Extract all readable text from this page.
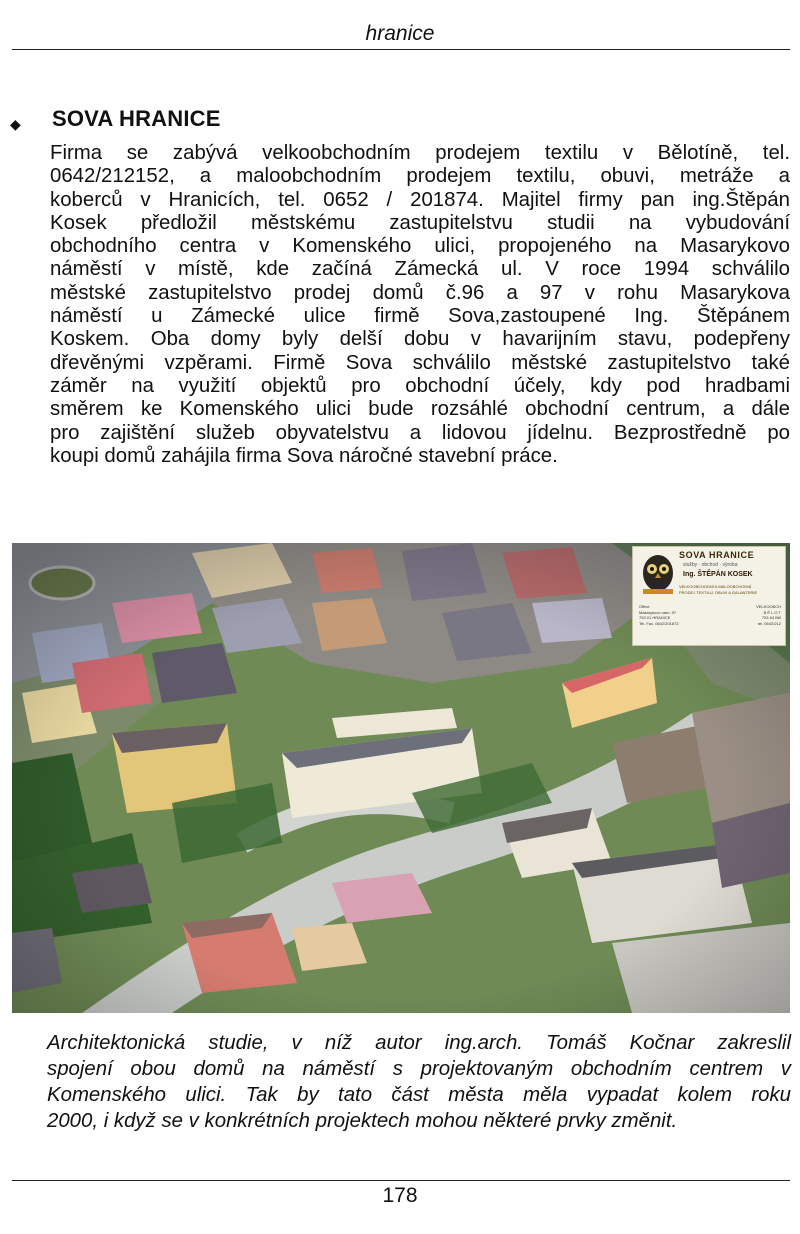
hranice
◆ SOVA HRANICE
Firma se zabývá velkoobchodním prodejem textilu v Bělotíně, tel.
0642/212152, a maloobchodním prodejem textilu, obuvi, metráže a
koberců v Hranicích, tel. 0652 / 201874. Majitel firmy pan ing.Štěpán
Kosek předložil městskému zastupitelstvu studii na vybudování
obchodního centra v Komenského ulici, propojeného na Masarykovo
náměstí v místě, kde začíná Zámecká ul. V roce 1994 schválilo
městské zastupitelstvo prodej domů č.96 a 97 v rohu Masarykova
náměstí u Zámecké ulice firmě Sova,zastoupené Ing. Štěpánem
Koskem. Oba domy byly delší dobu v havarijním stavu, podepřeny
dřevěnými vzpěrami. Firmě Sova schválilo městské zastupitelstvo také
záměr na využití objektů pro obchodní účely, kdy pod hradbami
směrem ke Komenského ulici bude rozsáhlé obchodní centrum, a dále
pro zajištění služeb obyvatelstvu a lidovou jídelnu. Bezprostředně po
koupi domů zahájila firma Sova náročné stavební práce.
SOVA HRANICE
služby · obchod · výroba
Ing. ŠTĚPÁN KOSEK
VELKOOBCHODNÍ A MALOOBCHODNÍ
PRODEJ TEXTILU, OBUVI A GALANTERIE
Office:
Masarykovo nám. 97
753 01 HRANICE
Tel. Fax. 0642/201872
VELKOOBCH
B Ě L O T
753 64 Běl
tel. 0642/212
Architektonická studie, v níž autor ing.arch. Tomáš Kočnar zakreslil
spojení obou domů na náměstí s projektovaným obchodním centrem v
Komenského ulici. Tak by tato část města měla vypadat kolem roku
2000, i když se v konkrétních projektech mohou některé prvky změnit.
178
